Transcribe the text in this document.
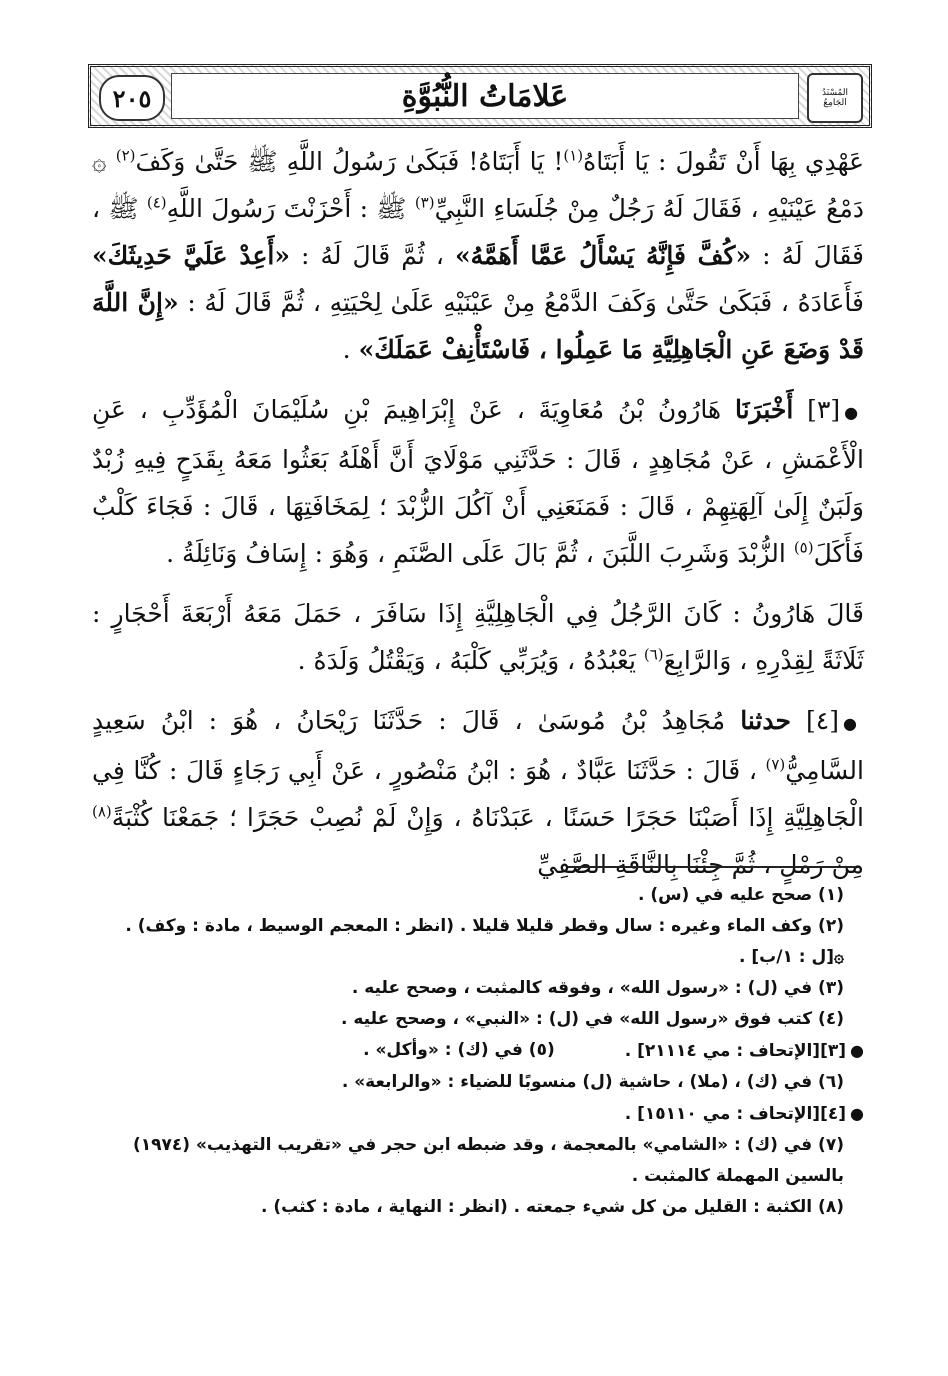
المُسْنَدُ الجَامِعُ
عَلامَاتُ النُّبُوَّةِ
٢٠٥

عَهْدِي بِهَا أَنْ تَقُولَ : يَا أَبَتَاهُ$^{(١)}$! يَا أَبَتَاهُ! فَبَكَىٰ رَسُولُ اللَّهِ ﷺ حَتَّىٰ وَكَفَ$^{(٢)}$ ۞ دَمْعُ عَيْنَيْهِ ، فَقَالَ لَهُ رَجُلٌ مِنْ جُلَسَاءِ النَّبِيِّ$^{(٣)}$ ﷺ : أَحْزَنْتَ رَسُولَ اللَّهِ$^{(٤)}$ ﷺ ، فَقَالَ لَهُ : «كُفَّ فَإِنَّهُ يَسْأَلُ عَمَّا أَهَمَّهُ» ، ثُمَّ قَالَ لَهُ : «أَعِدْ عَلَيَّ حَدِيثَكَ» فَأَعَادَهُ ، فَبَكَىٰ حَتَّىٰ وَكَفَ الدَّمْعُ مِنْ عَيْنَيْهِ عَلَىٰ لِحْيَتِهِ ، ثُمَّ قَالَ لَهُ : «إِنَّ اللَّهَ قَدْ وَضَعَ عَنِ الْجَاهِلِيَّةِ مَا عَمِلُوا ، فَاسْتَأْنِفْ عَمَلَكَ» .

●[٣] أَخْبَرَنَا هَارُونُ بْنُ مُعَاوِيَةَ ، عَنْ إِبْرَاهِيمَ بْنِ سُلَيْمَانَ الْمُؤَدِّبِ ، عَنِ الْأَعْمَشِ ، عَنْ مُجَاهِدٍ ، قَالَ : حَدَّثَنِي مَوْلَايَ أَنَّ أَهْلَهُ بَعَثُوا مَعَهُ بِقَدَحٍ فِيهِ زُبْدٌ وَلَبَنٌ إِلَىٰ آلِهَتِهِمْ ، قَالَ : فَمَنَعَنِي أَنْ آكُلَ الزُّبْدَ ؛ لِمَخَافَتِهَا ، قَالَ : فَجَاءَ كَلْبٌ فَأَكَلَ$^{(٥)}$ الزُّبْدَ وَشَرِبَ اللَّبَنَ ، ثُمَّ بَالَ عَلَى الصَّنَمِ ، وَهُوَ : إِسَافُ وَنَائِلَةُ .

قَالَ هَارُونُ : كَانَ الرَّجُلُ فِي الْجَاهِلِيَّةِ إِذَا سَافَرَ ، حَمَلَ مَعَهُ أَرْبَعَةَ أَحْجَارٍ : ثَلَاثَةً لِقِدْرِهِ ، وَالرَّابِعَ$^{(٦)}$ يَعْبُدُهُ ، وَيُرَبِّي كَلْبَهُ ، وَيَقْتُلُ وَلَدَهُ .

●[٤] حدثنا مُجَاهِدُ بْنُ مُوسَىٰ ، قَالَ : حَدَّثَنَا رَيْحَانُ ، هُوَ : ابْنُ سَعِيدٍ السَّامِيُّ$^{(٧)}$ ، قَالَ : حَدَّثَنَا عَبَّادٌ ، هُوَ : ابْنُ مَنْصُورٍ ، عَنْ أَبِي رَجَاءٍ قَالَ : كُنَّا فِي الْجَاهِلِيَّةِ إِذَا أَصَبْنَا حَجَرًا حَسَنًا ، عَبَدْنَاهُ ، وَإِنْ لَمْ نُصِبْ حَجَرًا ؛ جَمَعْنَا كُثْبَةً$^{(٨)}$ مِنْ رَمْلٍ ، ثُمَّ جِئْنَا بِالنَّاقَةِ الصَّفِيِّ

(١) صحح عليه في (س) .

(٢) وكف الماء وغيره : سال وقطر قليلا قليلا . (انظر : المعجم الوسيط ، مادة : وكف) .

۞[ل : ١/ب] .

(٣) في (ل) : «رسول الله» ، وفوقه كالمثبت ، وصحح عليه .

(٤) كتب فوق «رسول الله» في (ل) : «النبي» ، وصحح عليه .

●[٣][الإتحاف : مي ٢١١١٤] .
(٥) في (ك) : «وأكل» .

(٦) في (ك) ، (ملا) ، حاشية (ل) منسوبًا للضياء : «والرابعة» .

●[٤][الإتحاف : مي ١٥١١٠] .

(٧) في (ك) : «الشامي» بالمعجمة ، وقد ضبطه ابن حجر في «تقريب التهذيب» (١٩٧٤) بالسين المهملة كالمثبت .

(٨) الكثبة : القليل من كل شيء جمعته . (انظر : النهاية ، مادة : كثب) .
